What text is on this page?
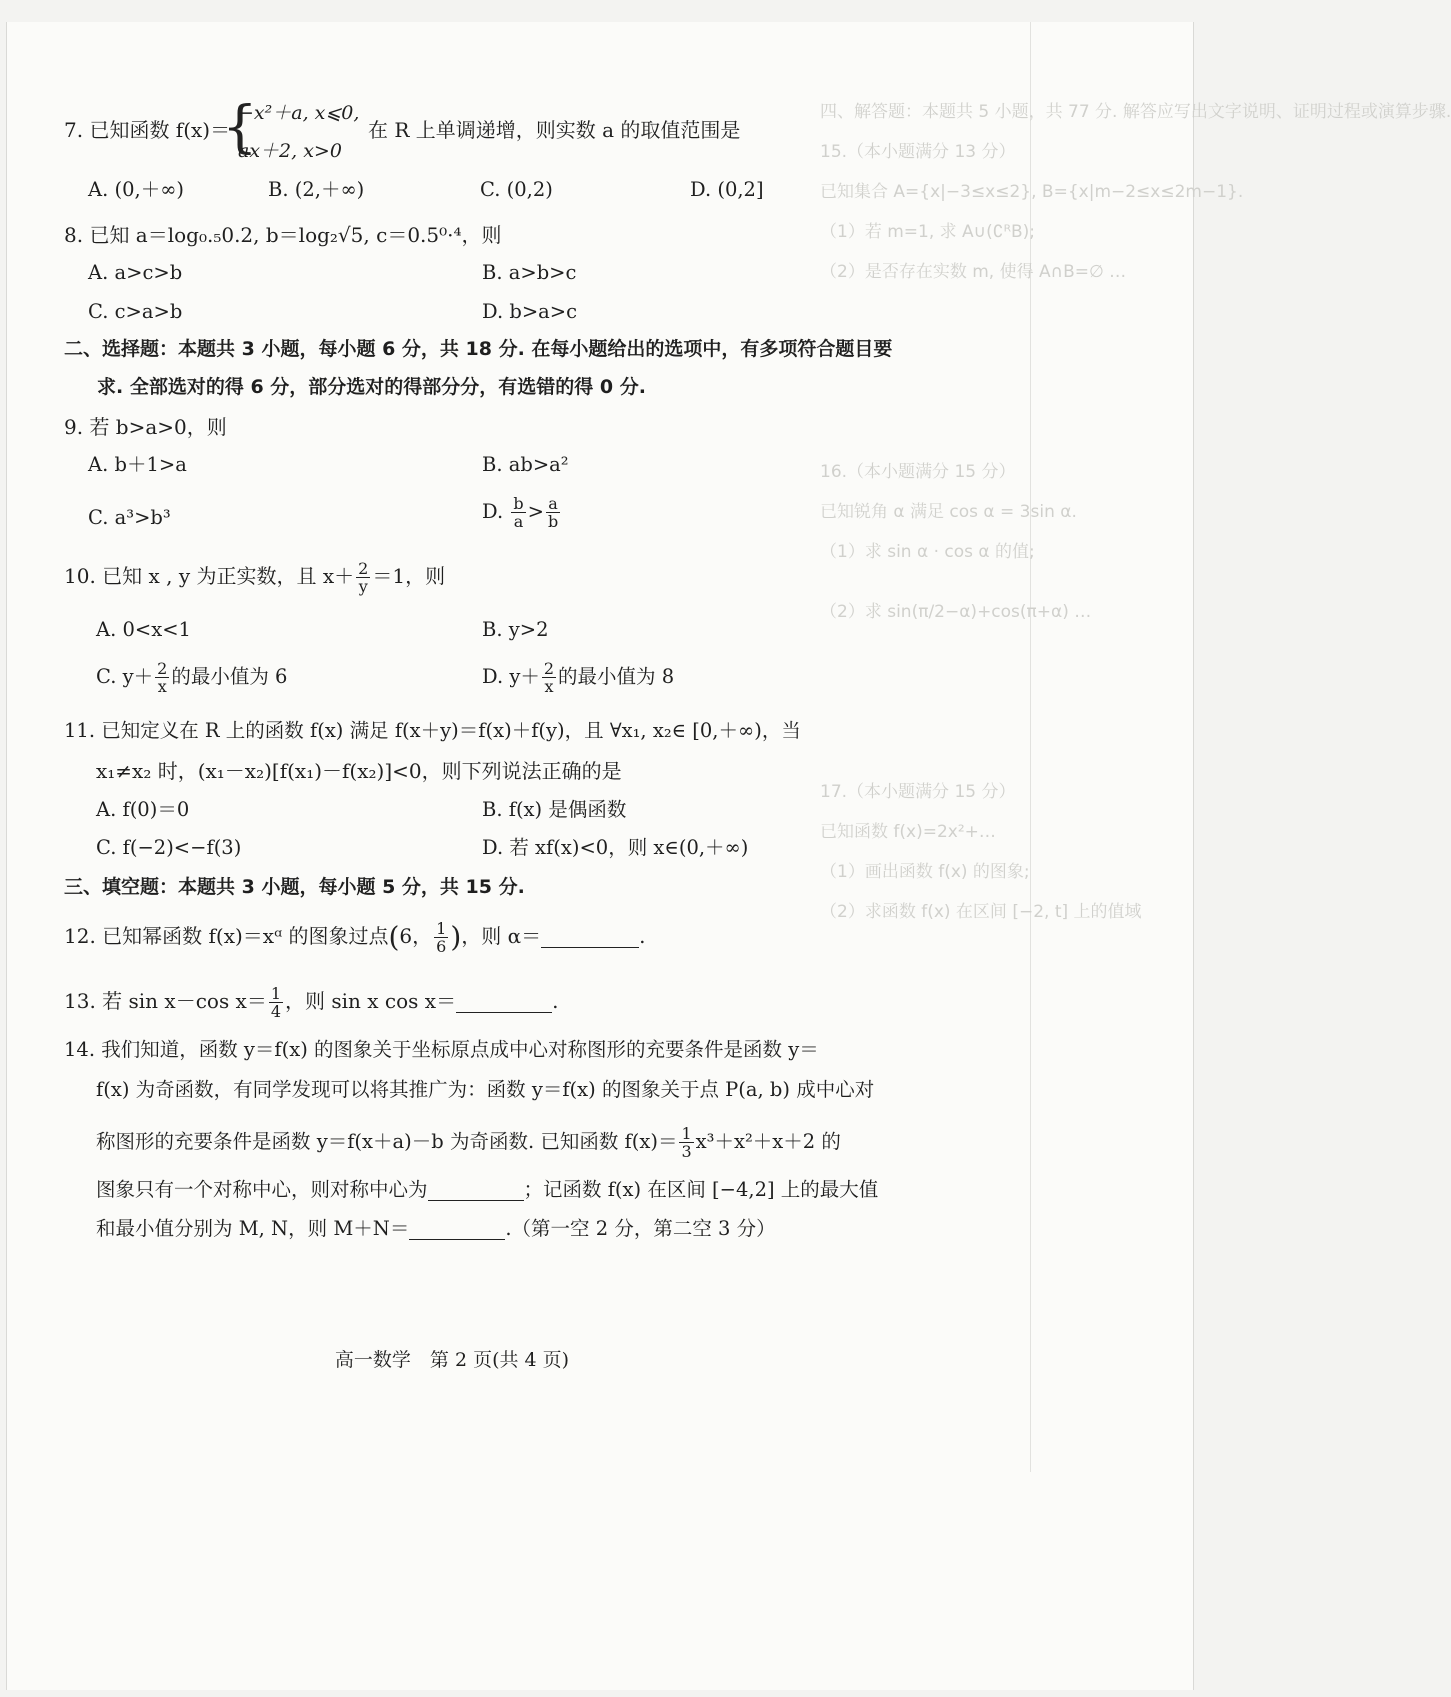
四、解答题：本题共 5 小题，共 77 分. 解答应写出文字说明、证明过程或演算步骤.
15.（本小题满分 13 分）
已知集合 A={x|−3≤x≤2}, B={x|m−2≤x≤2m−1}.
（1）若 m=1, 求 A∪(∁ᴿB);
（2）是否存在实数 m, 使得 A∩B=∅ …
16.（本小题满分 15 分）
已知锐角 α 满足 cos α = 3sin α.
（1）求 sin α · cos α 的值;
（2）求 sin(π/2−α)+cos(π+α) …
17.（本小题满分 15 分）
已知函数 f(x)=2x²+…
（1）画出函数 f(x) 的图象;
（2）求函数 f(x) 在区间 [−2, t] 上的值域
7. 已知函数 f(x)＝
{
−x²＋a, x⩽0,
ax＋2, x>0
在 R 上单调递增，则实数 a 的取值范围是
A. (0,＋∞)	B. (2,＋∞)	C. (0,2)	D. (0,2]
8. 已知 a＝log₀.₅0.2, b＝log₂√5, c＝0.5⁰·⁴，则
A. a>c>b	B. a>b>c
C. c>a>b	D. b>a>c
二、选择题：本题共 3 小题，每小题 6 分，共 18 分. 在每小题给出的选项中，有多项符合题目要
求. 全部选对的得 6 分，部分选对的得部分分，有选错的得 0 分.
9. 若 b>a>0，则
A. b＋1>a	B. ab>a²
C. a³>b³	D. $\frac{b}{a} > \frac{a}{b}$
10. 已知 x , y 为正实数，且 $x+ \frac{2}{y} =1$，则
A. 0<x<1	B. y>2
C. $y+ \frac{2}{x}$ 的最小值为 6	D. $y+ \frac{2}{x}$ 的最小值为 8
11. 已知定义在 R 上的函数 f(x) 满足 f(x＋y)＝f(x)＋f(y)，且 ∀x₁, x₂∈ [0,＋∞)，当
x₁≠x₂ 时，(x₁－x₂)[f(x₁)－f(x₂)]<0，则下列说法正确的是
A. f(0)＝0	B. f(x) 是偶函数
C. f(−2)<−f(3)	D. 若 xf(x)<0，则 x∈(0,＋∞)
三、填空题：本题共 3 小题，每小题 5 分，共 15 分.
12. 已知幂函数 f(x)＝xᵅ 的图象过点(6， $\frac{1}{6}$ )，则 α＝	.
13. 若 sin x－cos $x= \frac{1}{4}$ ，则 sin x cos x＝	.
14. 我们知道，函数 y＝f(x) 的图象关于坐标原点成中心对称图形的充要条件是函数 y＝
f(x) 为奇函数，有同学发现可以将其推广为：函数 y＝f(x) 的图象关于点 P(a, b) 成中心对
称图形的充要条件是函数 y＝f(x＋a)－b 为奇函数. 已知函数 $f(x)= \frac{1}{3} x^3+x^2+x+2$ 的
图象只有一个对称中心，则对称中心为	；记函数 f(x) 在区间 [−4,2] 上的最大值
和最小值分别为 M, N，则 M＋N＝	.（第一空 2 分，第二空 3 分）
高一数学　第 2 页(共 4 页)
